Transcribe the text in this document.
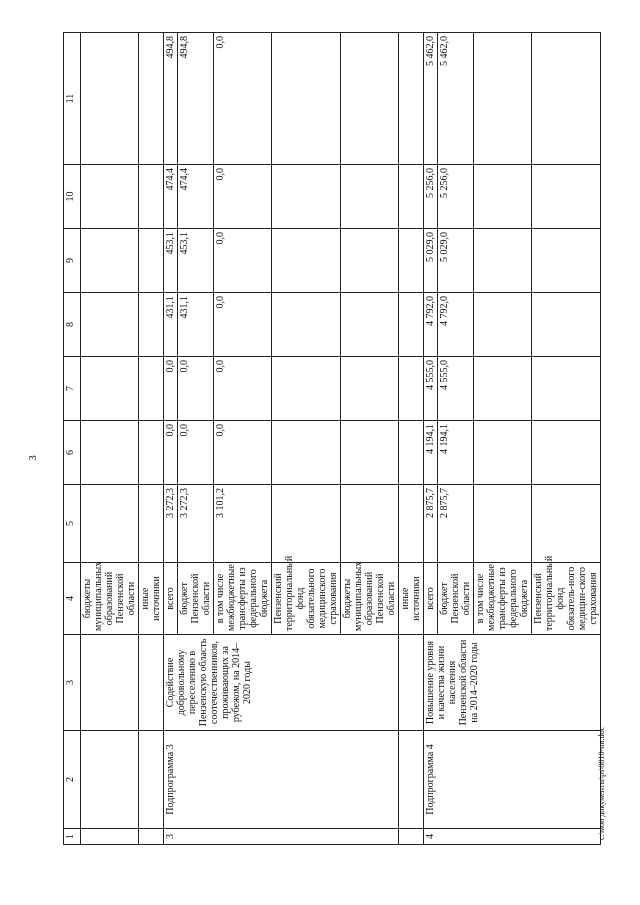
3
1	2	3	4	5	6	7	8	9	10	11
			бюджеты муниципальных образований Пензенской области							
			иные источники							
3	Подпрограмма 3	Содействие добровольному переселению в Пензенскую область соотечественников, проживающих за рубежом, на 2014–2020 годы	всего	3 272,3	0,0	0,0	431,1	453,1	474,4	494,8
			бюджет Пензенской области	3 272,3	0,0	0,0	431,1	453,1	474,4	494,8
			в том числе межбюджетные трансферты из федерального бюджета	3 101,2	0,0	0,0	0,0	0,0	0,0	0,0
			Пензенский территориальный фонд обязательного медицинского страхования							
			бюджеты муниципальных образований Пензенской области							
			иные источники							
4	Подпрограмма 4	Повышение уровня и качества жизни населения Пензенской области на 2014–2020 годы	всего	2 875,7	4 194,1	4 555,0	4 792,0	5 029,0	5 256,0	5 462,0
			бюджет Пензенской области	2 875,7	4 194,1	4 555,0	4 792,0	5 029,0	5 256,0	5 462,0
			в том числе межбюджетные трансферты из федерального бюджета							
			Пензенский территориальный фонд обязатель-ного медицин-ского страхования							
с:\мои документы\ps\0810-ни.doc
